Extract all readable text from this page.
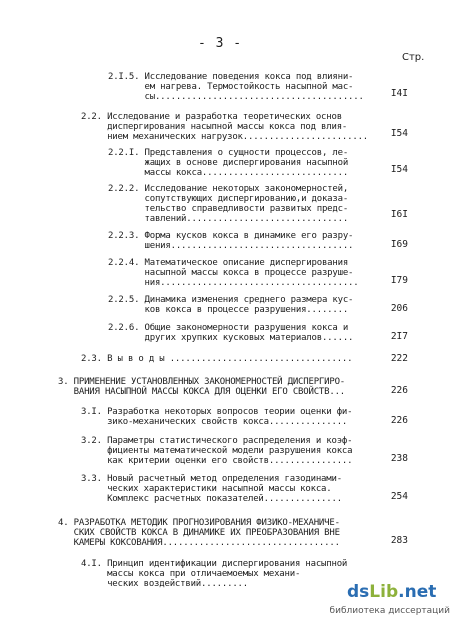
- 3 -
Стр.
2.I.5. Исследование поведения кокса под влияни-
ем нагрева. Термостойкость насыпной мас-
сы........................................	I4I
2.2. Исследование и разработка теоретических основ
диспергирования насыпной массы кокса под влия-
нием механических нагрузок........................	I54
2.2.I. Представления о сущности процессов, ле-
жащих в основе диспергирования насыпной
массы кокса............................	I54
2.2.2. Исследование некоторых закономерностей,
сопутствующих диспергированию,и доказа-
тельство справедливости развитых предс-
тавлений...............................	I6I
2.2.3. Форма кусков кокса в динамике его разру-
шения...................................	I69
2.2.4. Математическое описание диспергирования
насыпной массы кокса в процессе разруше-
ния......................................	I79
2.2.5. Динамика изменения среднего размера кус-
ков кокса в процессе разрушения........	206
2.2.6. Общие закономерности разрушения кокса и
других хрупких кусковых материалов......	2I7
2.3. В ы в о д ы ...................................	222
3. ПРИМЕНЕНИЕ УСТАНОВЛЕННЫХ ЗАКОНОМЕРНОСТЕЙ ДИСПЕРГИРО-
ВАНИЯ НАСЫПНОЙ МАССЫ КОКСА ДЛЯ ОЦЕНКИ ЕГО СВОЙСТВ...	226
3.I. Разработка некоторых вопросов теории оценки фи-
зико-механических свойств кокса...............	226
3.2. Параметры статистического распределения и коэф-
фициенты математической модели разрушения кокса
как критерии оценки его свойств................	238
3.3. Новый расчетный метод определения газодинами-
ческих характеристики насыпной массы кокса.
Комплекс расчетных показателей...............	254
4. РАЗРАБОТКА МЕТОДИК ПРОГНОЗИРОВАНИЯ ФИЗИКО-МЕХАНИЧЕ-
СКИХ СВОЙСТВ КОКСА В ДИНАМИКЕ ИХ ПРЕОБРАЗОВАНИЯ ВНЕ
КАМЕРЫ КОКСОВАНИЯ..................................	283
4.I. Принцип идентификации диспергирования насыпной
массы кокса при отличаемоемых механи-
ческих воздействий.........	dsLib.net
библиотека диссертаций
